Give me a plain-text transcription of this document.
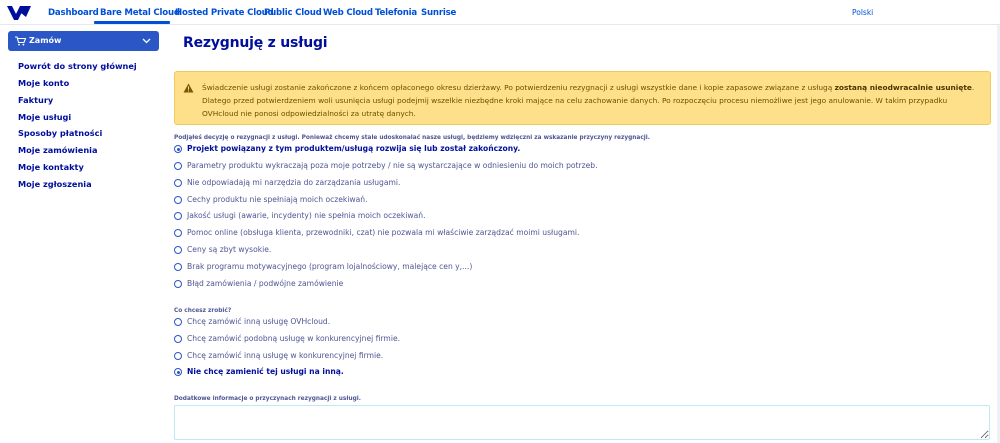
Dashboard Bare Metal Cloud
Hosted Private Cloud
Public Cloud Web Cloud Telefonia Sunrise	Polski
Zamów
Powrót do strony głównej
Moje konto
Faktury
Moje usługi
Sposoby płatności
Moje zamówienia
Moje kontakty
Moje zgłoszenia
Rezygnuję z usługi

Świadczenie usługi zostanie zakończone z końcem opłaconego okresu dzierżawy. Po potwierdzeniu rezygnacji z usługi wszystkie dane i kopie zapasowe związane z usługą zostaną nieodwracalnie usunięte. Dlatego przed potwierdzeniem woli usunięcia usługi podejmij wszelkie niezbędne kroki mające na celu zachowanie danych. Po rozpoczęciu procesu niemożliwe jest jego anulowanie. W takim przypadku OVHcloud nie ponosi odpowiedzialności za utratę danych.

Podjąłeś decyzję o rezygnacji z usługi. Ponieważ chcemy stale udoskonalać nasze usługi, będziemy wdzięczni za wskazanie przyczyny rezygnacji.
Projekt powiązany z tym produktem/usługą rozwija się lub został zakończony.
Parametry produktu wykraczają poza moje potrzeby / nie są wystarczające w odniesieniu do moich potrzeb.
Nie odpowiadają mi narzędzia do zarządzania usługami.
Cechy produktu nie spełniają moich oczekiwań.
Jakość usługi (awarie, incydenty) nie spełnia moich oczekiwań.
Pomoc online (obsługa klienta, przewodniki, czat) nie pozwala mi właściwie zarządzać moimi usługami.
Ceny są zbyt wysokie.
Brak programu motywacyjnego (program lojalnościowy, malejące cen y,...)
Błąd zamówienia / podwójne zamówienie
Co chcesz zrobić?
Chcę zamówić inną usługę OVHcloud.
Chcę zamówić podobną usługę w konkurencyjnej firmie.
Chcę zamówić inną usługę w konkurencyjnej firmie.
Nie chcę zamienić tej usługi na inną.
Dodatkowe informacje o przyczynach rezygnacji z usługi.
